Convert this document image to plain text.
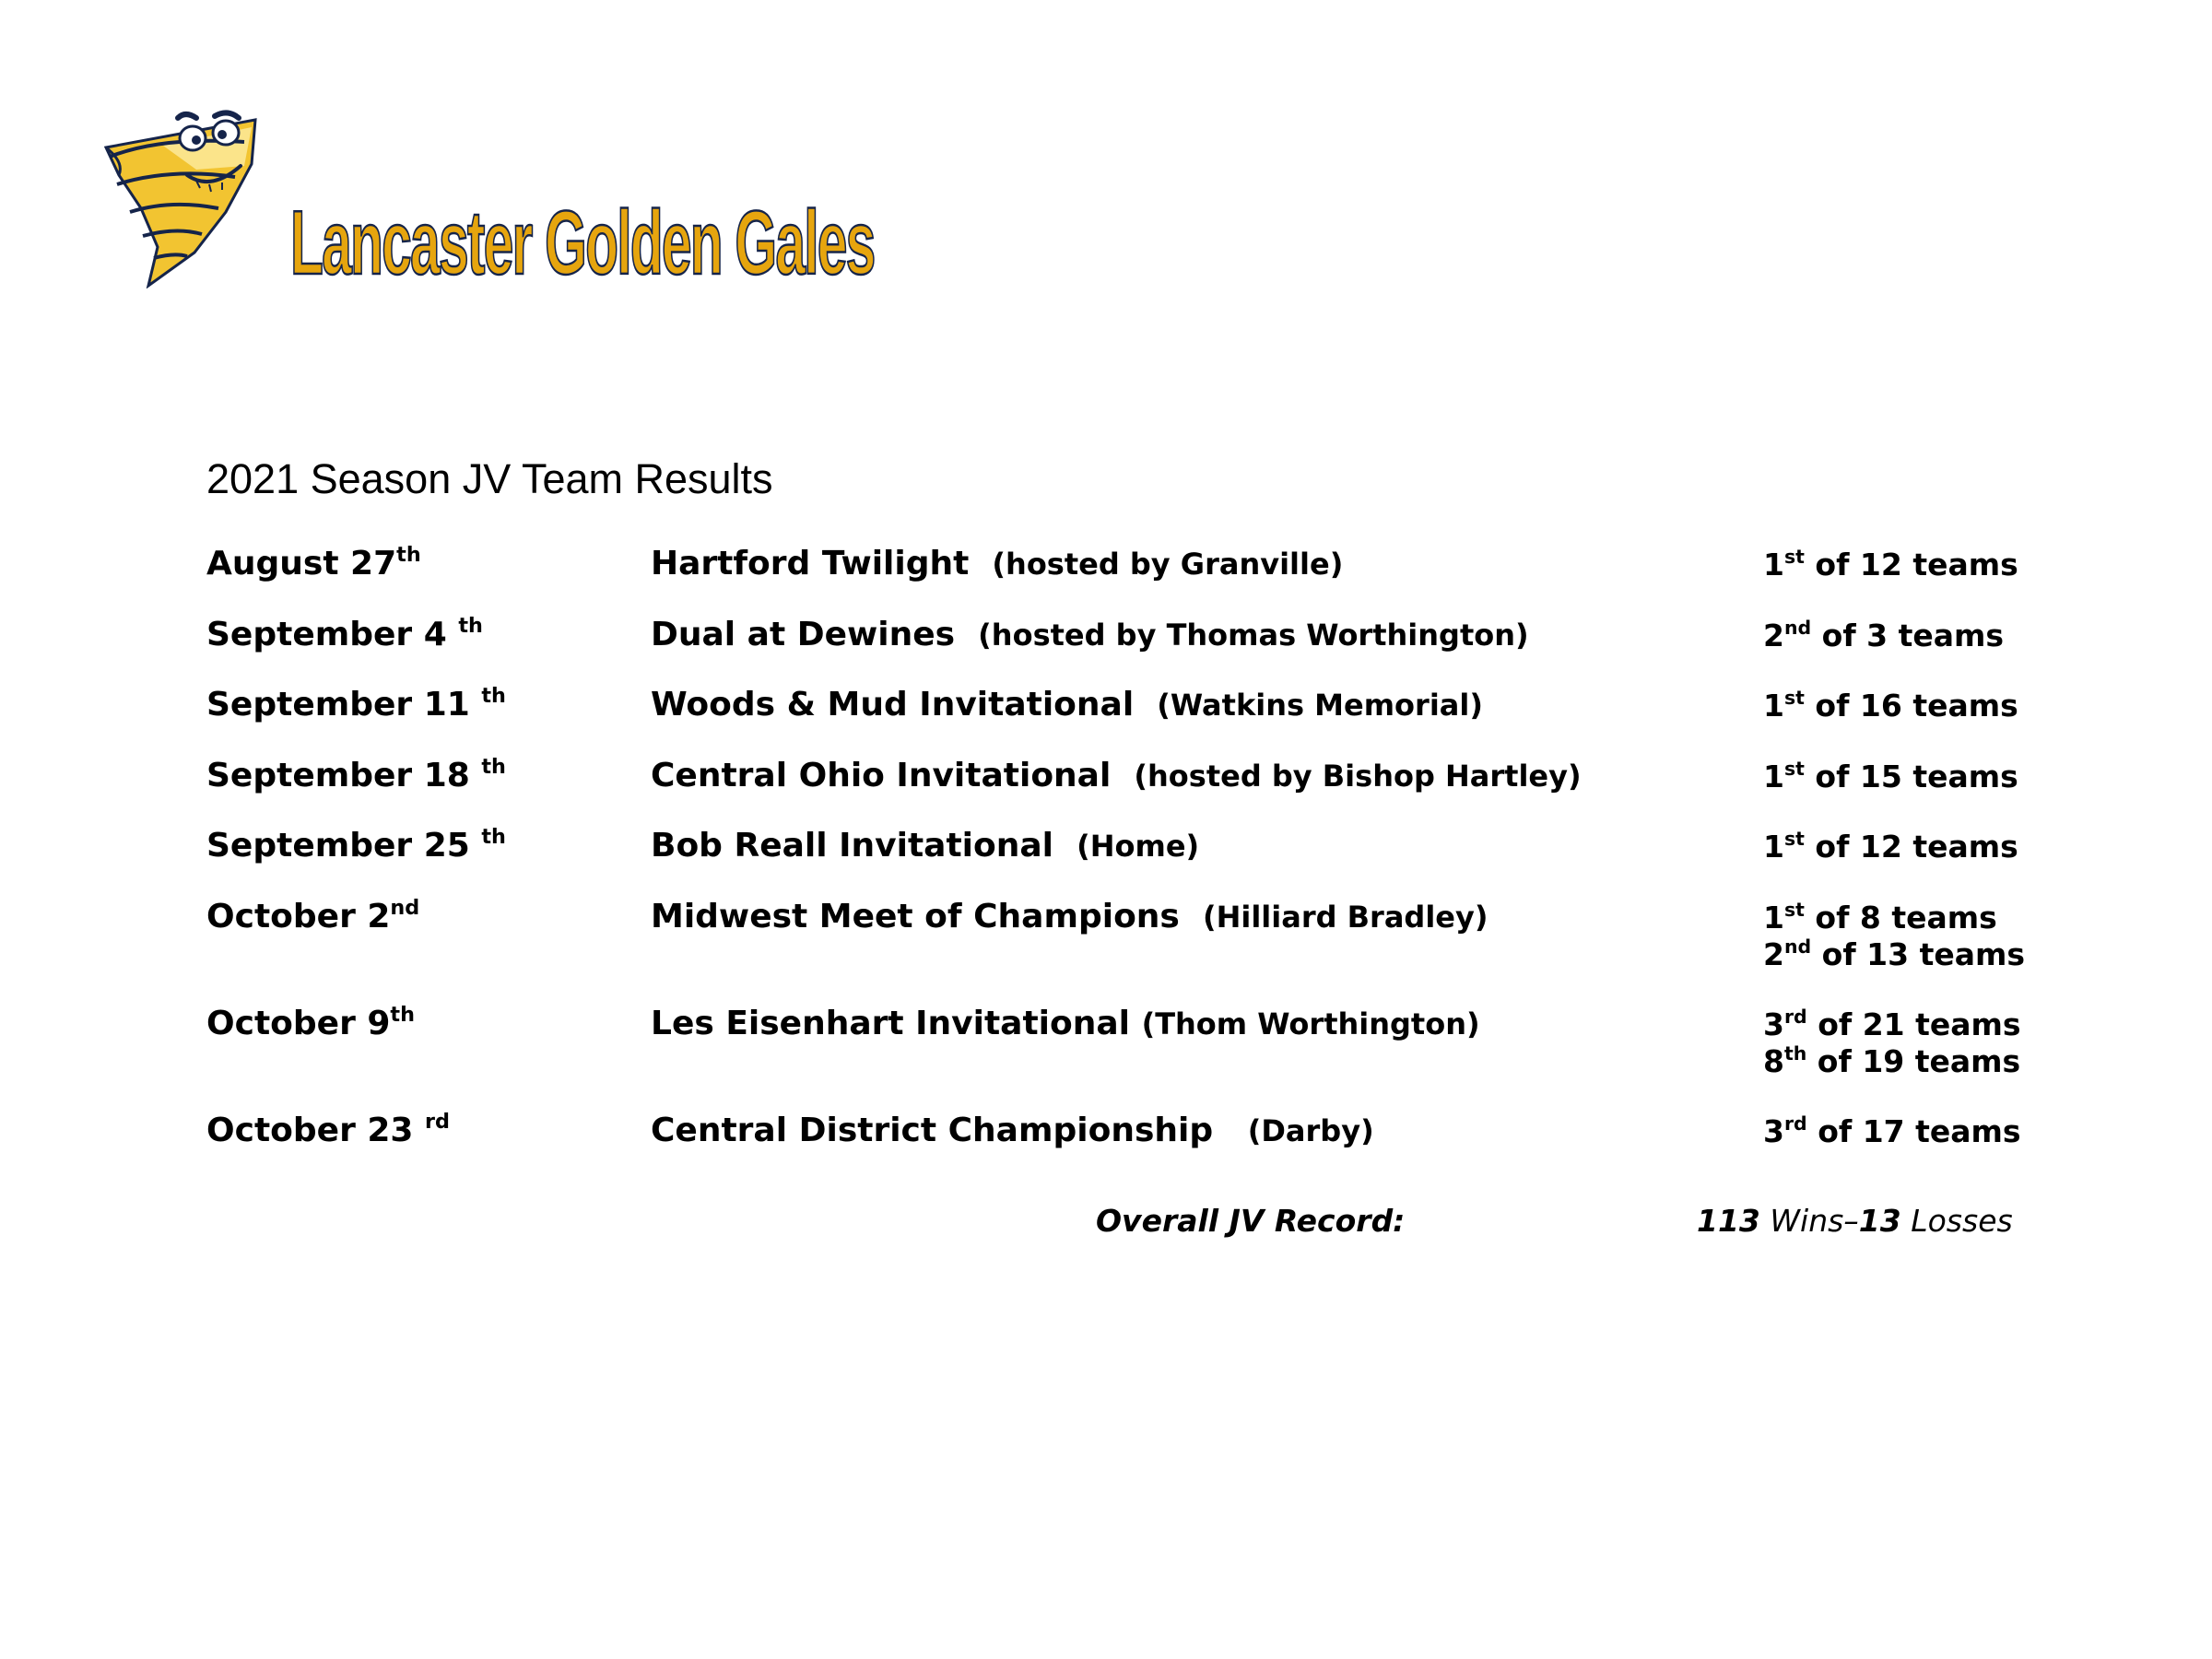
Lancaster Golden Gales
2021 Season JV Team Results
August 27th	Hartford Twilight (hosted by Granville)	1st of 12 teams
September 4 $^{th}$	Dual at Dewines (hosted by Thomas Worthington)	2nd of 3 teams
September 11 $^{th}$	Woods & Mud Invitational (Watkins Memorial)	1st of 16 teams
September 18 $^{th}$	Central Ohio Invitational (hosted by Bishop Hartley)	1st of 15 teams
September 25 $^{th}$	Bob Reall Invitational (Home)	1st of 12 teams
October 2nd	Midwest Meet of Champions (Hilliard Bradley)	1st of 8 teams
2nd of 13 teams
October 9th	Les Eisenhart Invitational (Thom Worthington)	3rd of 21 teams
8th of 19 teams
October 23 $^{rd}$	Central District Championship (Darby)	3rd of 17 teams
Overall JV Record:	113 Wins–13 Losses
